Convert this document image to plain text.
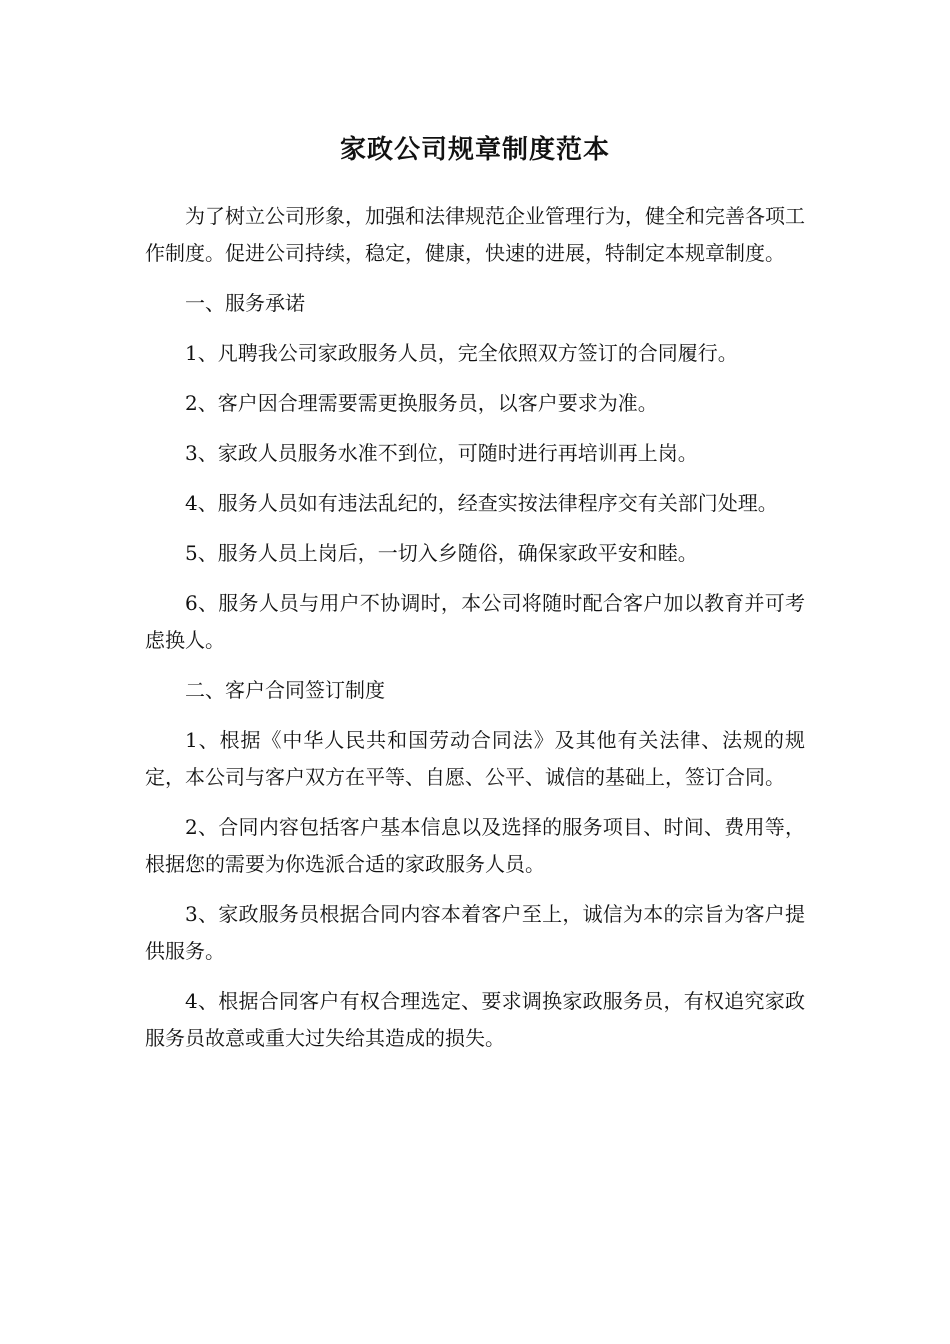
家政公司规章制度范本

为了树立公司形象，加强和法律规范企业管理行为，健全和完善各项工作制度。促进公司持续，稳定，健康，快速的进展，特制定本规章制度。

一、服务承诺

1、凡聘我公司家政服务人员，完全依照双方签订的合同履行。

2、客户因合理需要需更换服务员，以客户要求为准。

3、家政人员服务水准不到位，可随时进行再培训再上岗。

4、服务人员如有违法乱纪的，经查实按法律程序交有关部门处理。

5、服务人员上岗后，一切入乡随俗，确保家政平安和睦。

6、服务人员与用户不协调时，本公司将随时配合客户加以教育并可考虑换人。

二、客户合同签订制度

1、根据《中华人民共和国劳动合同法》及其他有关法律、法规的规定，本公司与客户双方在平等、自愿、公平、诚信的基础上，签订合同。

2、合同内容包括客户基本信息以及选择的服务项目、时间、费用等，根据您的需要为你选派合适的家政服务人员。

3、家政服务员根据合同内容本着客户至上，诚信为本的宗旨为客户提供服务。

4、根据合同客户有权合理选定、要求调换家政服务员，有权追究家政服务员故意或重大过失给其造成的损失。
